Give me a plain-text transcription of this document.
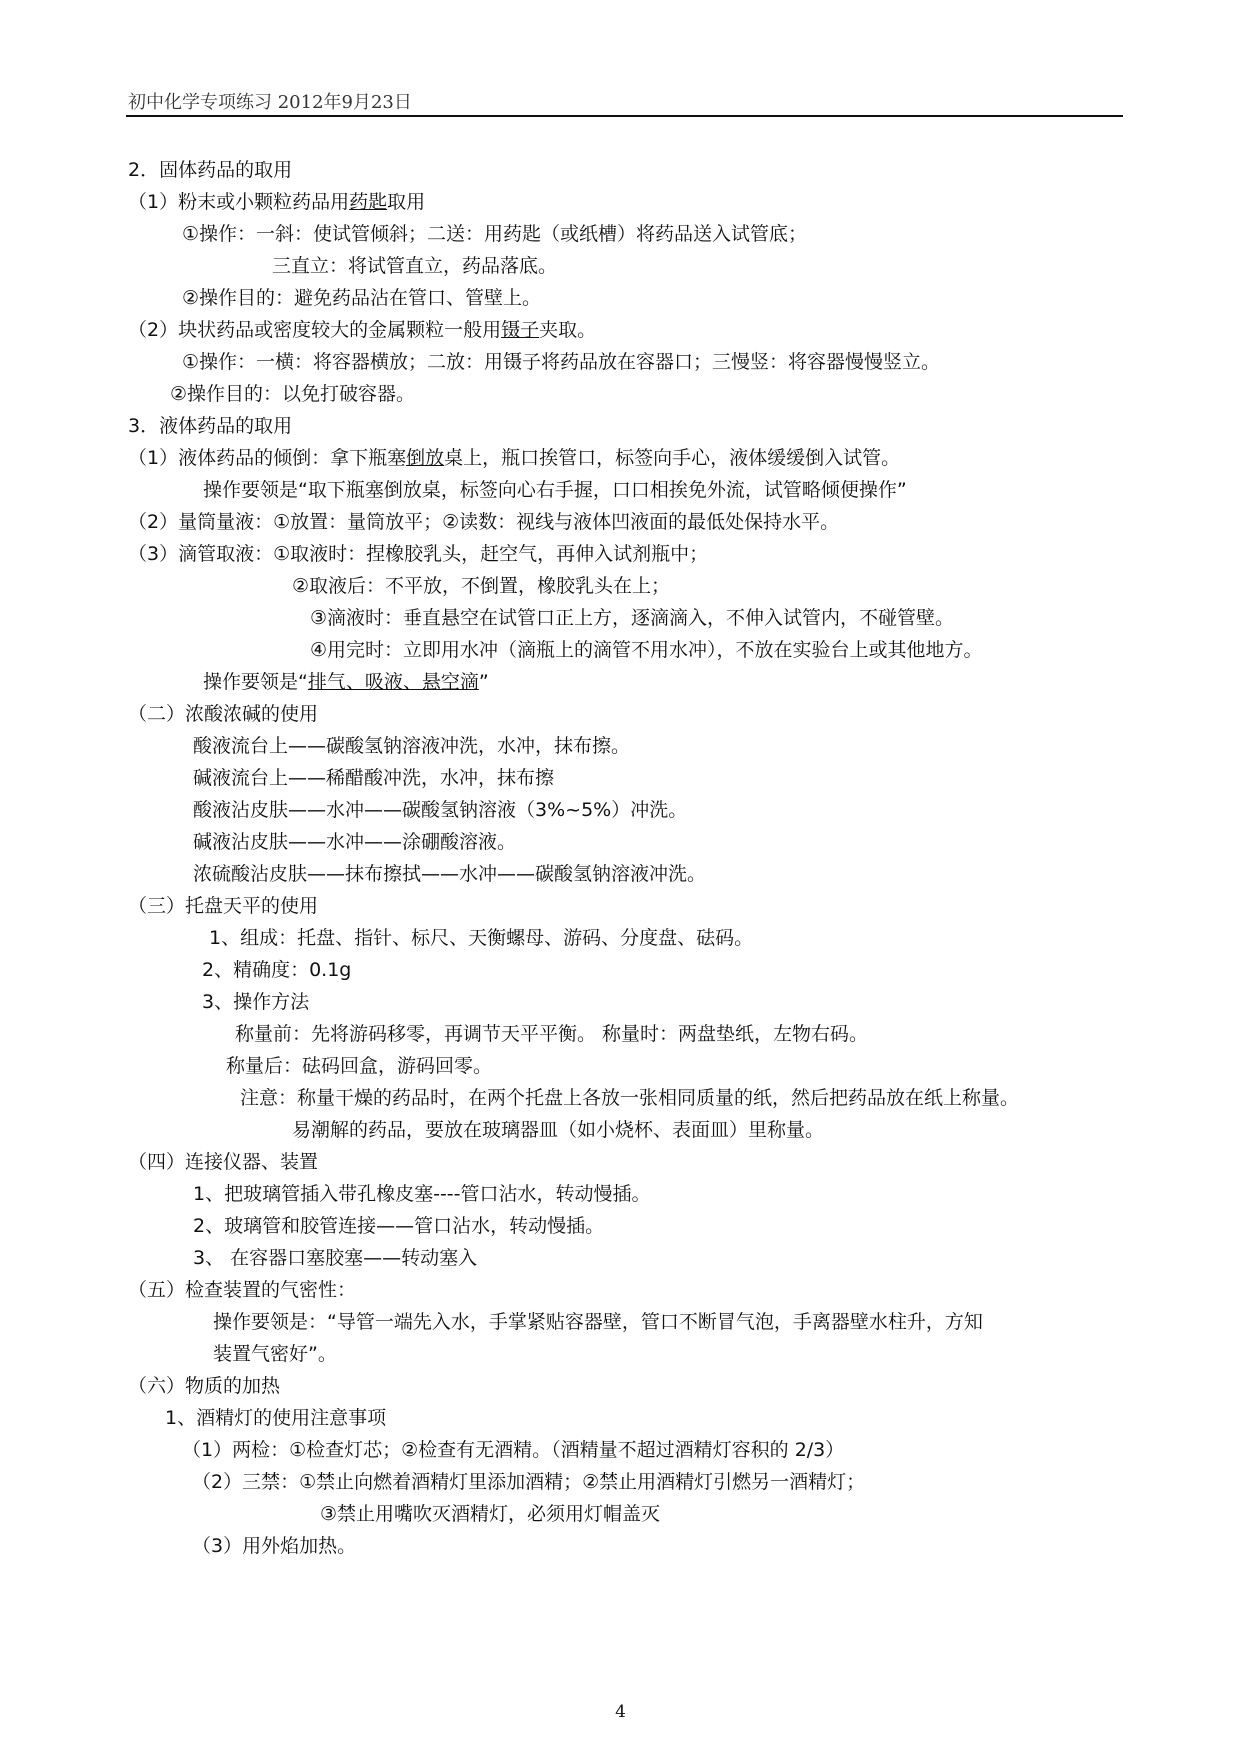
初中化学专项练习 2012年9月23日
2．固体药品的取用
（1）粉末或小颗粒药品用药匙取用
①操作：一斜：使试管倾斜；二送：用药匙（或纸槽）将药品送入试管底；
三直立：将试管直立，药品落底。
②操作目的：避免药品沾在管口、管壁上。
（2）块状药品或密度较大的金属颗粒一般用镊子夹取。
①操作：一横：将容器横放；二放：用镊子将药品放在容器口；三慢竖：将容器慢慢竖立。
②操作目的：以免打破容器。
3．液体药品的取用
（1）液体药品的倾倒：拿下瓶塞倒放桌上，瓶口挨管口，标签向手心，液体缓缓倒入试管。
操作要领是“取下瓶塞倒放桌，标签向心右手握，口口相挨免外流，试管略倾便操作”
（2）量筒量液：①放置：量筒放平；②读数：视线与液体凹液面的最低处保持水平。
（3）滴管取液：①取液时：捏橡胶乳头，赶空气，再伸入试剂瓶中；
②取液后：不平放，不倒置，橡胶乳头在上；
③滴液时：垂直悬空在试管口正上方，逐滴滴入，不伸入试管内，不碰管壁。
④用完时：立即用水冲（滴瓶上的滴管不用水冲），不放在实验台上或其他地方。
操作要领是“排气、吸液、悬空滴”
（二）浓酸浓碱的使用
酸液流台上——碳酸氢钠溶液冲洗，水冲，抹布擦。
碱液流台上——稀醋酸冲洗，水冲，抹布擦
酸液沾皮肤——水冲——碳酸氢钠溶液（3%~5%）冲洗。
碱液沾皮肤——水冲——涂硼酸溶液。
浓硫酸沾皮肤——抹布擦拭——水冲——碳酸氢钠溶液冲洗。
（三）托盘天平的使用
1、组成：托盘、指针、标尺、天衡螺母、游码、分度盘、砝码。
2、精确度：0.1g
3、操作方法
称量前：先将游码移零，再调节天平平衡。 称量时：两盘垫纸，左物右码。
称量后：砝码回盒，游码回零。
注意：称量干燥的药品时，在两个托盘上各放一张相同质量的纸，然后把药品放在纸上称量。
易潮解的药品，要放在玻璃器皿（如小烧杯、表面皿）里称量。
（四）连接仪器、装置
1、把玻璃管插入带孔橡皮塞----管口沾水，转动慢插。
2、玻璃管和胶管连接——管口沾水，转动慢插。
3、 在容器口塞胶塞——转动塞入
（五）检查装置的气密性：
操作要领是：“导管一端先入水，手掌紧贴容器壁，管口不断冒气泡，手离器壁水柱升，方知
装置气密好”。
（六）物质的加热
1、酒精灯的使用注意事项
（1）两检：①检查灯芯；②检查有无酒精。（酒精量不超过酒精灯容积的 2/3）
（2）三禁：①禁止向燃着酒精灯里添加酒精；②禁止用酒精灯引燃另一酒精灯；
③禁止用嘴吹灭酒精灯，必须用灯帽盖灭
（3）用外焰加热。
4
